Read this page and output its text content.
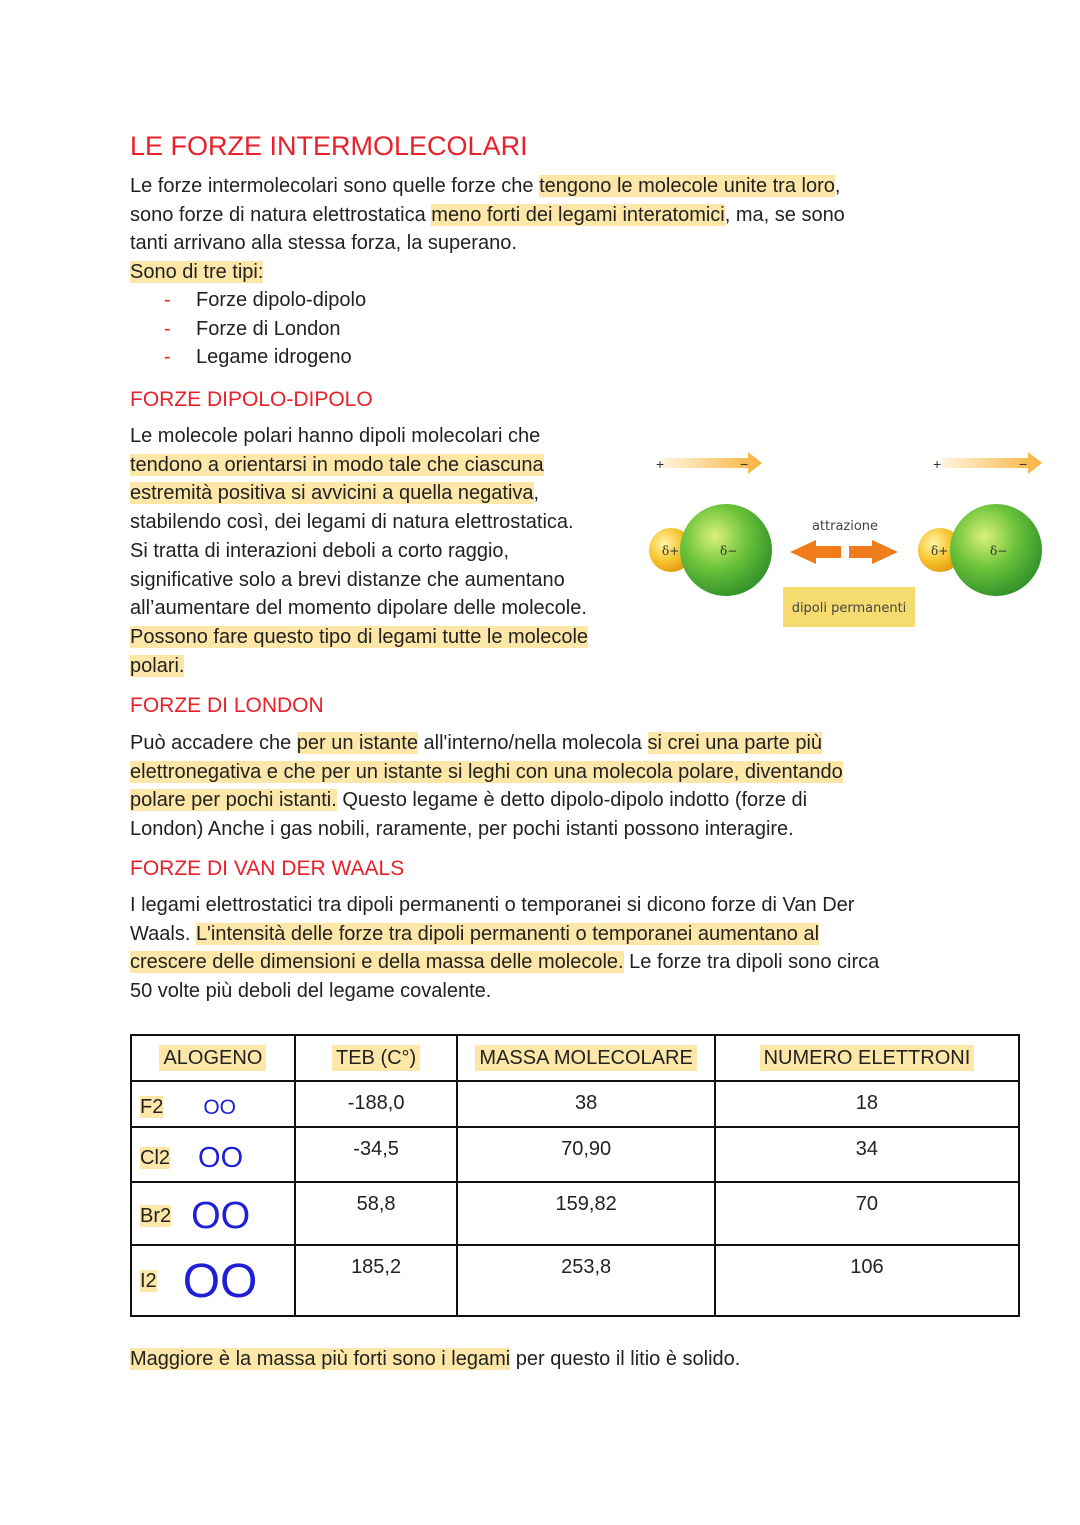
LE FORZE INTERMOLECOLARI

Le forze intermolecolari sono quelle forze che tengono le molecole unite tra loro,
sono forze di natura elettrostatica meno forti dei legami interatomici, ma, se sono
tanti arrivano alla stessa forza, la superano.
Sono di tre tipi:

- Forze dipolo-dipolo
- Forze di London
- Legame idrogeno
FORZE DIPOLO-DIPOLO

Le molecole polari hanno dipoli molecolari che
tendono a orientarsi in modo tale che ciascuna
estremità positiva si avvicini a quella negativa,
stabilendo così, dei legami di natura elettrostatica.
Si tratta di interazioni deboli a corto raggio,
significative solo a brevi distanze che aumentano
all’aumentare del momento dipolare delle molecole.
Possono fare questo tipo di legami tutte le molecole
polari.

+	−	+	−
δ+	δ−	δ+	δ−
attrazione
dipoli permanenti
FORZE DI LONDON

Può accadere che per un istante all'interno/nella molecola si crei una parte più
elettronegativa e che per un istante si leghi con una molecola polare, diventando
polare per pochi istanti. Questo legame è detto dipolo-dipolo indotto (forze di
London) Anche i gas nobili, raramente, per pochi istanti possono interagire.

FORZE DI VAN DER WAALS

I legami elettrostatici tra dipoli permanenti o temporanei si dicono forze di Van Der
Waals. L'intensità delle forze tra dipoli permanenti o temporanei aumentano al
crescere delle dimensioni e della massa delle molecole. Le forze tra dipoli sono circa
50 volte più deboli del legame covalente.

ALOGENO	TEB (C°)	MASSA MOLECOLARE	NUMERO ELETTRONI
F2 OO	-188,0	38	18
Cl2 OO	-34,5	70,90	34
Br2 OO	58,8	159,82	70
I2 OO	185,2	253,8	106

Maggiore è la massa più forti sono i legami per questo il litio è solido.
